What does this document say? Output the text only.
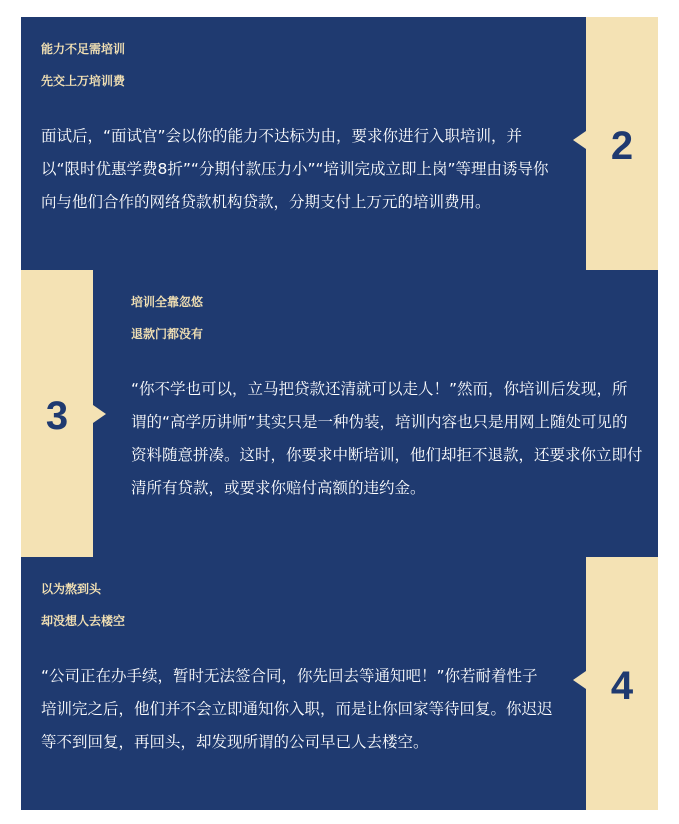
能力不足需培训
先交上万培训费
面试后，“面试官”会以你的能力不达标为由，要求你进行入职培训，并以“限时优惠学费8折”“分期付款压力小”“培训完成立即上岗”等理由诱导你向与他们合作的网络贷款机构贷款，分期支付上万元的培训费用。
2
3
培训全靠忽悠
退款门都没有
“你不学也可以，立马把贷款还清就可以走人！”然而，你培训后发现，所谓的“高学历讲师”其实只是一种伪装，培训内容也只是用网上随处可见的资料随意拼凑。这时，你要求中断培训，他们却拒不退款，还要求你立即付清所有贷款，或要求你赔付高额的违约金。
以为熬到头
却没想人去楼空
“公司正在办手续，暂时无法签合同，你先回去等通知吧！”你若耐着性子培训完之后，他们并不会立即通知你入职，而是让你回家等待回复。你迟迟等不到回复，再回头，却发现所谓的公司早已人去楼空。
4
